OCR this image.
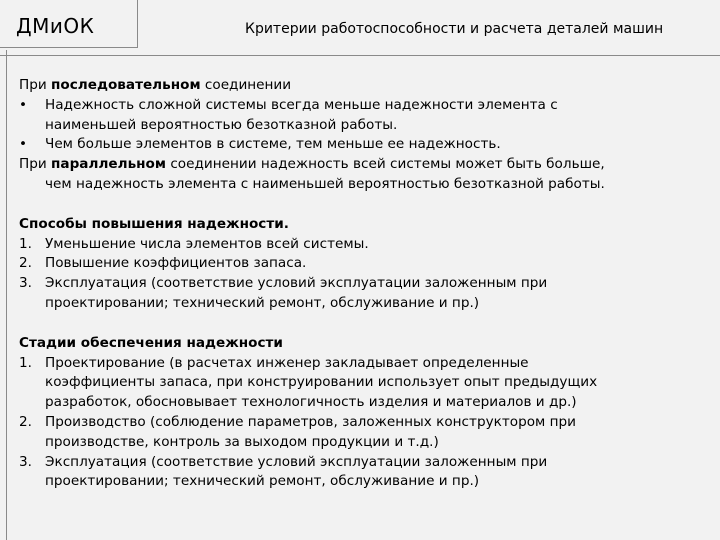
ДМиОК	Критерии работоспособности и расчета деталей машин
При последовательном соединении
• Надежность сложной системы всегда меньше надежности элемента с
наименьшей вероятностью безотказной работы.
• Чем больше элементов в системе, тем меньше ее надежность.
При параллельном соединении надежность всей системы может быть больше,
чем надежность элемента с наименьшей вероятностью безотказной работы.
Способы повышения надежности.
1. Уменьшение числа элементов всей системы.
2. Повышение коэффициентов запаса.
3. Эксплуатация (соответствие условий эксплуатации заложенным при
проектировании; технический ремонт, обслуживание и пр.)
Стадии обеспечения надежности
1. Проектирование (в расчетах инженер закладывает определенные
коэффициенты запаса, при конструировании использует опыт предыдущих
разработок, обосновывает технологичность изделия и материалов и др.)
2. Производство (соблюдение параметров, заложенных конструктором при
производстве, контроль за выходом продукции и т.д.)
3. Эксплуатация (соответствие условий эксплуатации заложенным при
проектировании; технический ремонт, обслуживание и пр.)
